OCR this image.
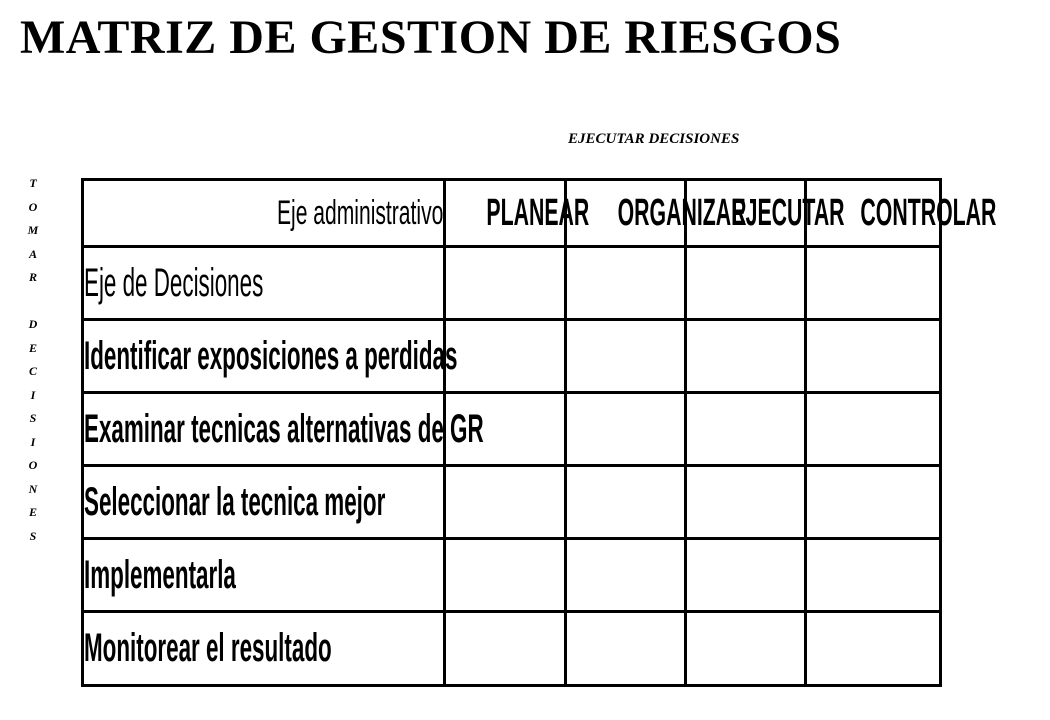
MATRIZ DE GESTION DE RIESGOS
EJECUTAR DECISIONES
T
O
M
A
R
D
E
C
I
S
I
O
N
E
S
Eje administrativo	PLANEAR	ORGANIZAR	EJECUTAR	CONTROLAR
Eje de Decisiones				
Identificar exposiciones a perdidas				
Examinar tecnicas alternativas de GR				
Seleccionar la tecnica mejor				
Implementarla				
Monitorear el resultado				
